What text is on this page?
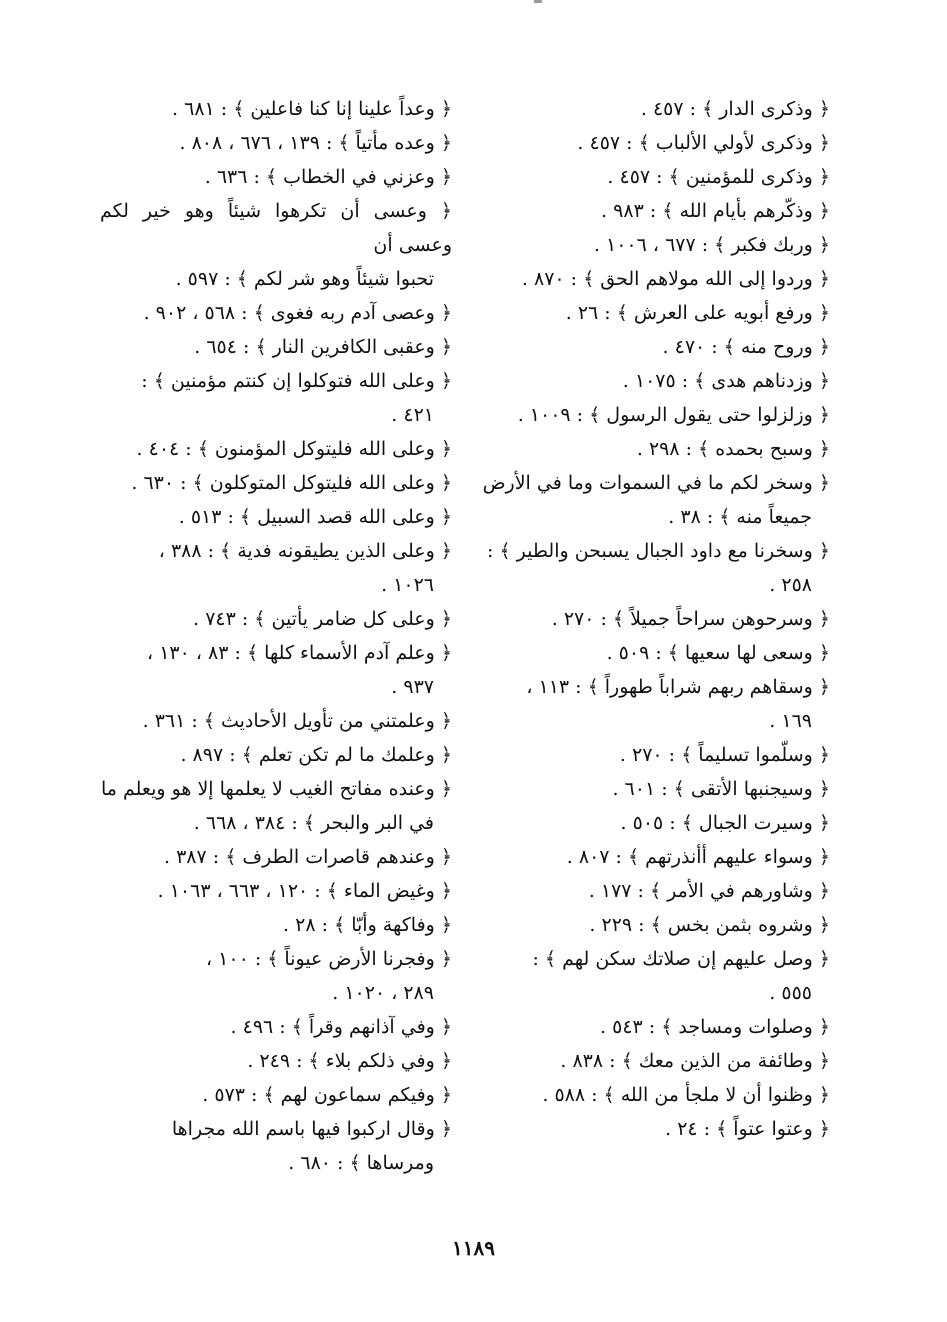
﴿ وذكرى الدار ﴾ : ٤٥٧ .
﴿ وذكرى لأولي الألباب ﴾ : ٤٥٧ .
﴿ وذكرى للمؤمنين ﴾ : ٤٥٧ .
﴿ وذكّرهم بأيام الله ﴾ : ٩٨٣ .
﴿ وربك فكبر ﴾ : ٦٧٧ ، ١٠٠٦ .
﴿ وردوا إلى الله مولاهم الحق ﴾ : ٨٧٠ .
﴿ ورفع أبويه على العرش ﴾ : ٢٦ .
﴿ وروح منه ﴾ : ٤٧٠ .
﴿ وزدناهم هدى ﴾ : ١٠٧٥ .
﴿ وزلزلوا حتى يقول الرسول ﴾ : ١٠٠٩ .
﴿ وسبح بحمده ﴾ : ٢٩٨ .
﴿ وسخر لكم ما في السموات وما في الأرض
جميعاً منه ﴾ : ٣٨ .
﴿ وسخرنا مع داود الجبال يسبحن والطير ﴾ :
٢٥٨ .
﴿ وسرحوهن سراحاً جميلاً ﴾ : ٢٧٠ .
﴿ وسعى لها سعيها ﴾ : ٥٠٩ .
﴿ وسقاهم ربهم شراباً طهوراً ﴾ : ١١٣ ،
١٦٩ .
﴿ وسلّموا تسليماً ﴾ : ٢٧٠ .
﴿ وسيجنبها الأتقى ﴾ : ٦٠١ .
﴿ وسيرت الجبال ﴾ : ٥٠٥ .
﴿ وسواء عليهم أأنذرتهم ﴾ : ٨٠٧ .
﴿ وشاورهم في الأمر ﴾ : ١٧٧ .
﴿ وشروه بثمن بخس ﴾ : ٢٢٩ .
﴿ وصل عليهم إن صلاتك سكن لهم ﴾ :
٥٥٥ .
﴿ وصلوات ومساجد ﴾ : ٥٤٣ .
﴿ وطائفة من الذين معك ﴾ : ٨٣٨ .
﴿ وظنوا أن لا ملجأ من الله ﴾ : ٥٨٨ .
﴿ وعتوا عتواً ﴾ : ٢٤ .
﴿ وعداً علينا إنا كنا فاعلين ﴾ : ٦٨١ .
﴿ وعده مأتياً ﴾ : ١٣٩ ، ٦٧٦ ، ٨٠٨ .
﴿ وعزني في الخطاب ﴾ : ٦٣٦ .
﴿ وعسى أن تكرهوا شيئاً وهو خير لكم وعسى أن
تحبوا شيئاً وهو شر لكم ﴾ : ٥٩٧ .
﴿ وعصى آدم ربه فغوى ﴾ : ٥٦٨ ، ٩٠٢ .
﴿ وعقبى الكافرين النار ﴾ : ٦٥٤ .
﴿ وعلى الله فتوكلوا إن كنتم مؤمنين ﴾ :
٤٢١ .
﴿ وعلى الله فليتوكل المؤمنون ﴾ : ٤٠٤ .
﴿ وعلى الله فليتوكل المتوكلون ﴾ : ٦٣٠ .
﴿ وعلى الله قصد السبيل ﴾ : ٥١٣ .
﴿ وعلى الذين يطيقونه فدية ﴾ : ٣٨٨ ،
١٠٢٦ .
﴿ وعلى كل ضامر يأتين ﴾ : ٧٤٣ .
﴿ وعلم آدم الأسماء كلها ﴾ : ٨٣ ، ١٣٠ ،
٩٣٧ .
﴿ وعلمتني من تأويل الأحاديث ﴾ : ٣٦١ .
﴿ وعلمك ما لم تكن تعلم ﴾ : ٨٩٧ .
﴿ وعنده مفاتح الغيب لا يعلمها إلا هو ويعلم ما
في البر والبحر ﴾ : ٣٨٤ ، ٦٦٨ .
﴿ وعندهم قاصرات الطرف ﴾ : ٣٨٧ .
﴿ وغيض الماء ﴾ : ١٢٠ ، ٦٦٣ ، ١٠٦٣ .
﴿ وفاكهة وأبّا ﴾ : ٢٨ .
﴿ وفجرنا الأرض عيوناً ﴾ : ١٠٠ ،
٢٨٩ ، ١٠٢٠ .
﴿ وفي آذانهم وقراً ﴾ : ٤٩٦ .
﴿ وفي ذلكم بلاء ﴾ : ٢٤٩ .
﴿ وفيكم سماعون لهم ﴾ : ٥٧٣ .
﴿ وقال اركبوا فيها باسم الله مجراها
ومرساها ﴾ : ٦٨٠ .
١١٨٩
